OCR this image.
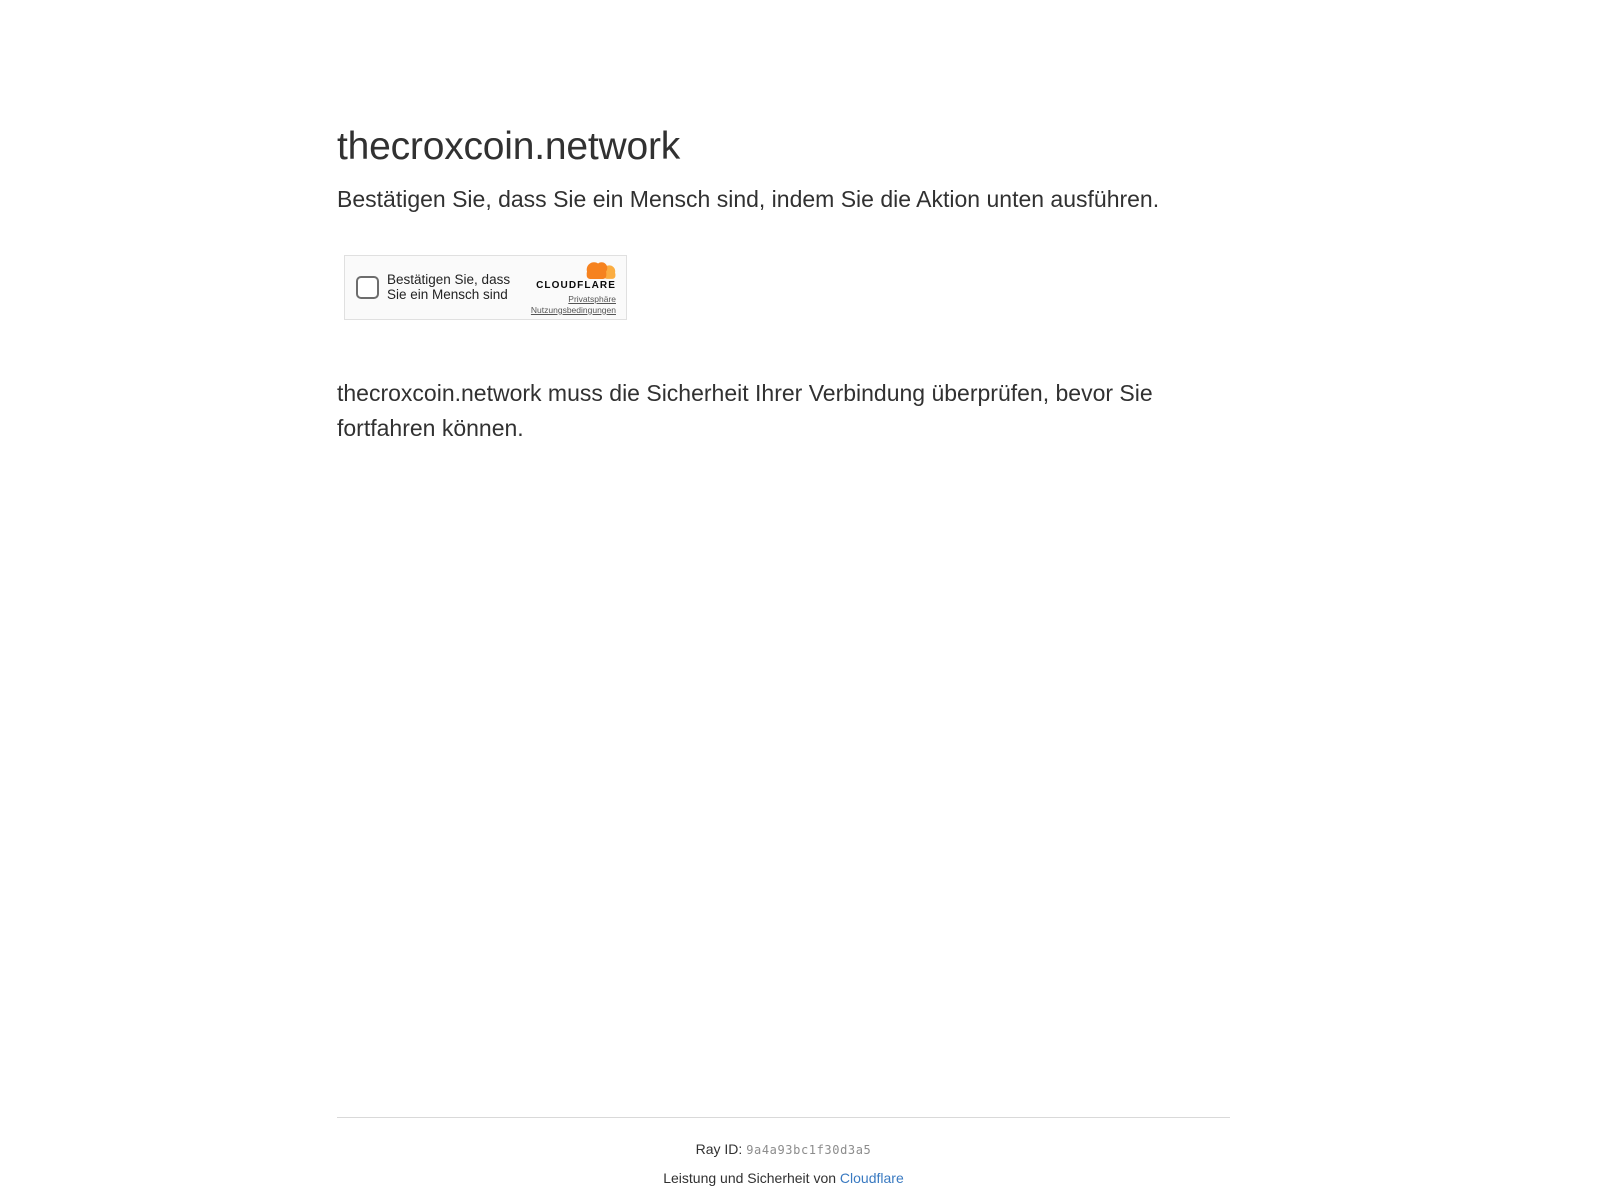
thecroxcoin.network

Bestätigen Sie, dass Sie ein Mensch sind, indem Sie die Aktion unten ausführen.

Bestätigen Sie, dass Sie ein Mensch sind
CLOUDFLARE
Privatsphäre
Nutzungsbedingungen

thecroxcoin.network muss die Sicherheit Ihrer Verbindung überprüfen, bevor Sie fortfahren können.

Ray ID: 9a4a93bc1f30d3a5
Leistung und Sicherheit von Cloudflare
